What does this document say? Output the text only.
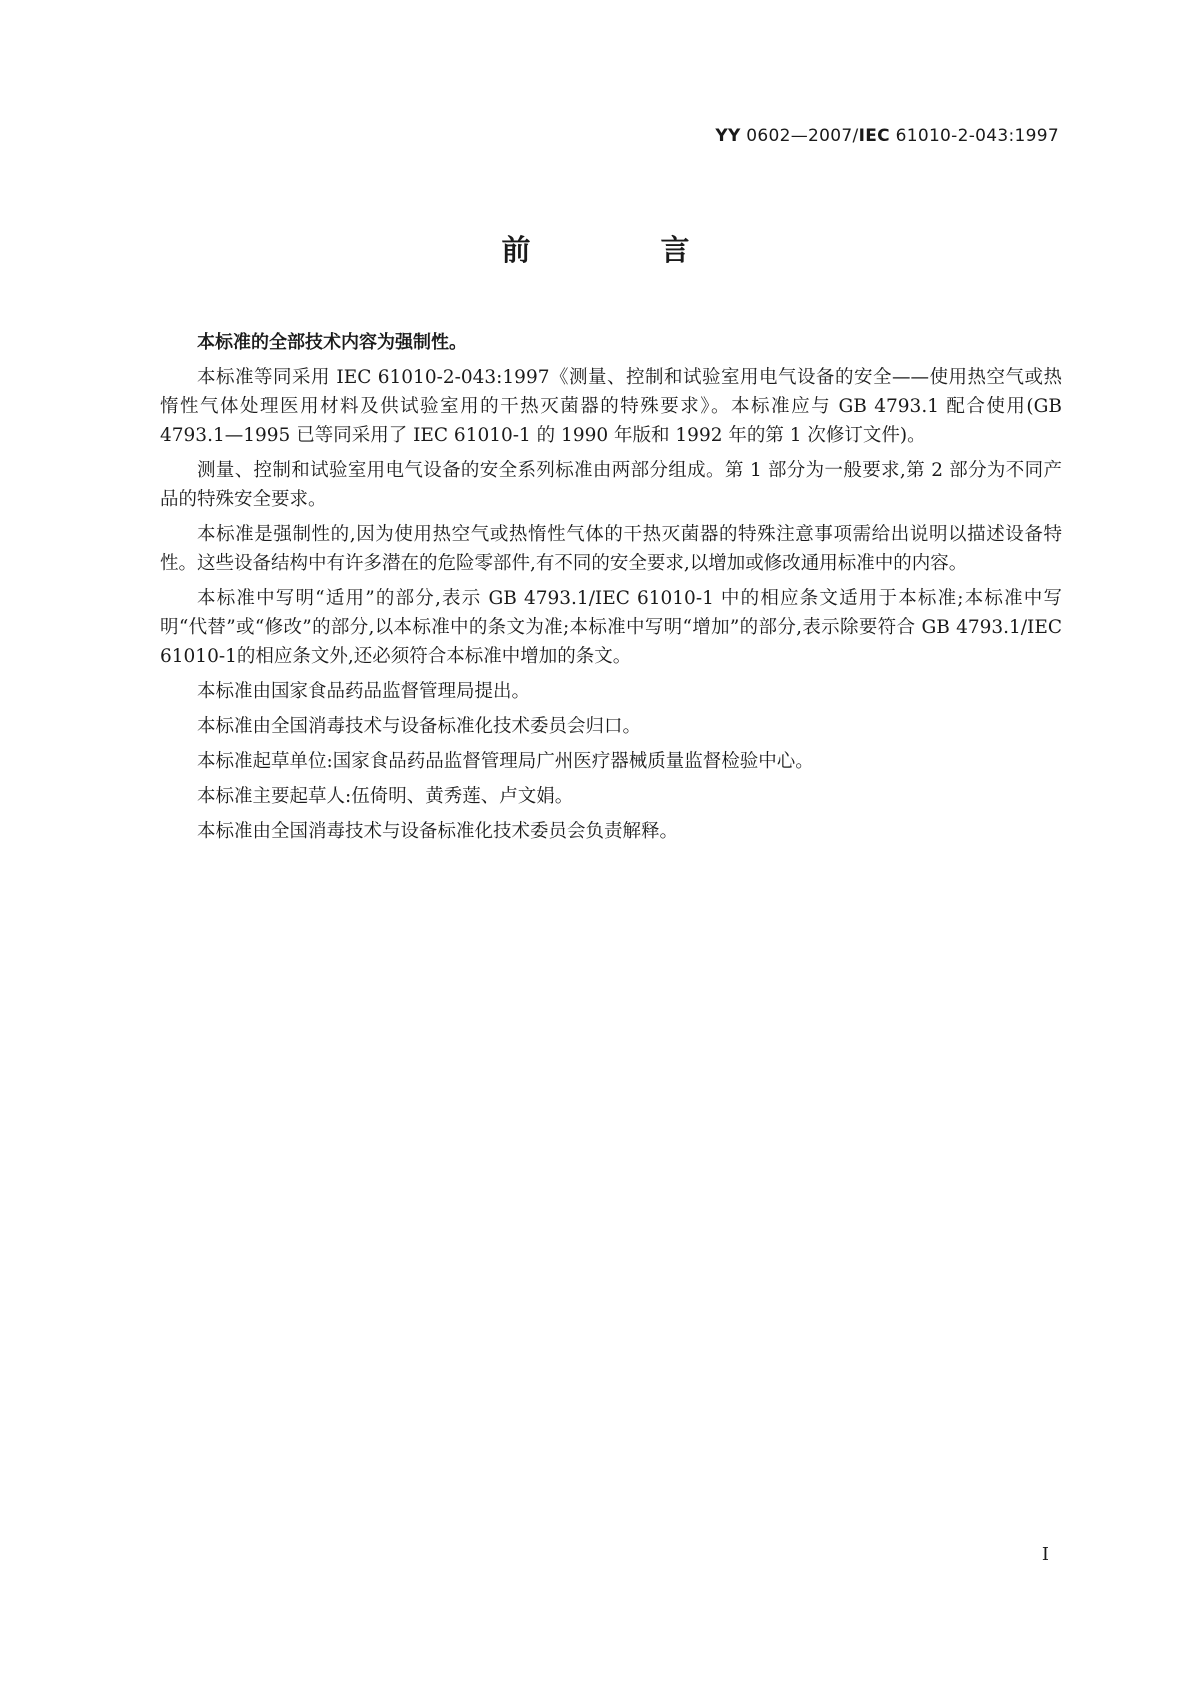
YY 0602—2007/IEC 61010-2-043:1997
前 言

本标准的全部技术内容为强制性。

本标准等同采用 IEC 61010-2-043:1997《测量、控制和试验室用电气设备的安全——使用热空气或热惰性气体处理医用材料及供试验室用的干热灭菌器的特殊要求》。本标准应与 GB 4793.1 配合使用(GB 4793.1—1995 已等同采用了 IEC 61010-1 的 1990 年版和 1992 年的第 1 次修订文件)。

测量、控制和试验室用电气设备的安全系列标准由两部分组成。第 1 部分为一般要求,第 2 部分为不同产品的特殊安全要求。

本标准是强制性的,因为使用热空气或热惰性气体的干热灭菌器的特殊注意事项需给出说明以描述设备特性。这些设备结构中有许多潜在的危险零部件,有不同的安全要求,以增加或修改通用标准中的内容。

本标准中写明“适用”的部分,表示 GB 4793.1/IEC 61010-1 中的相应条文适用于本标准;本标准中写明“代替”或“修改”的部分,以本标准中的条文为准;本标准中写明“增加”的部分,表示除要符合 GB 4793.1/IEC 61010-1的相应条文外,还必须符合本标准中增加的条文。

本标准由国家食品药品监督管理局提出。

本标准由全国消毒技术与设备标准化技术委员会归口。

本标准起草单位:国家食品药品监督管理局广州医疗器械质量监督检验中心。

本标准主要起草人:伍倚明、黄秀莲、卢文娟。

本标准由全国消毒技术与设备标准化技术委员会负责解释。

I
